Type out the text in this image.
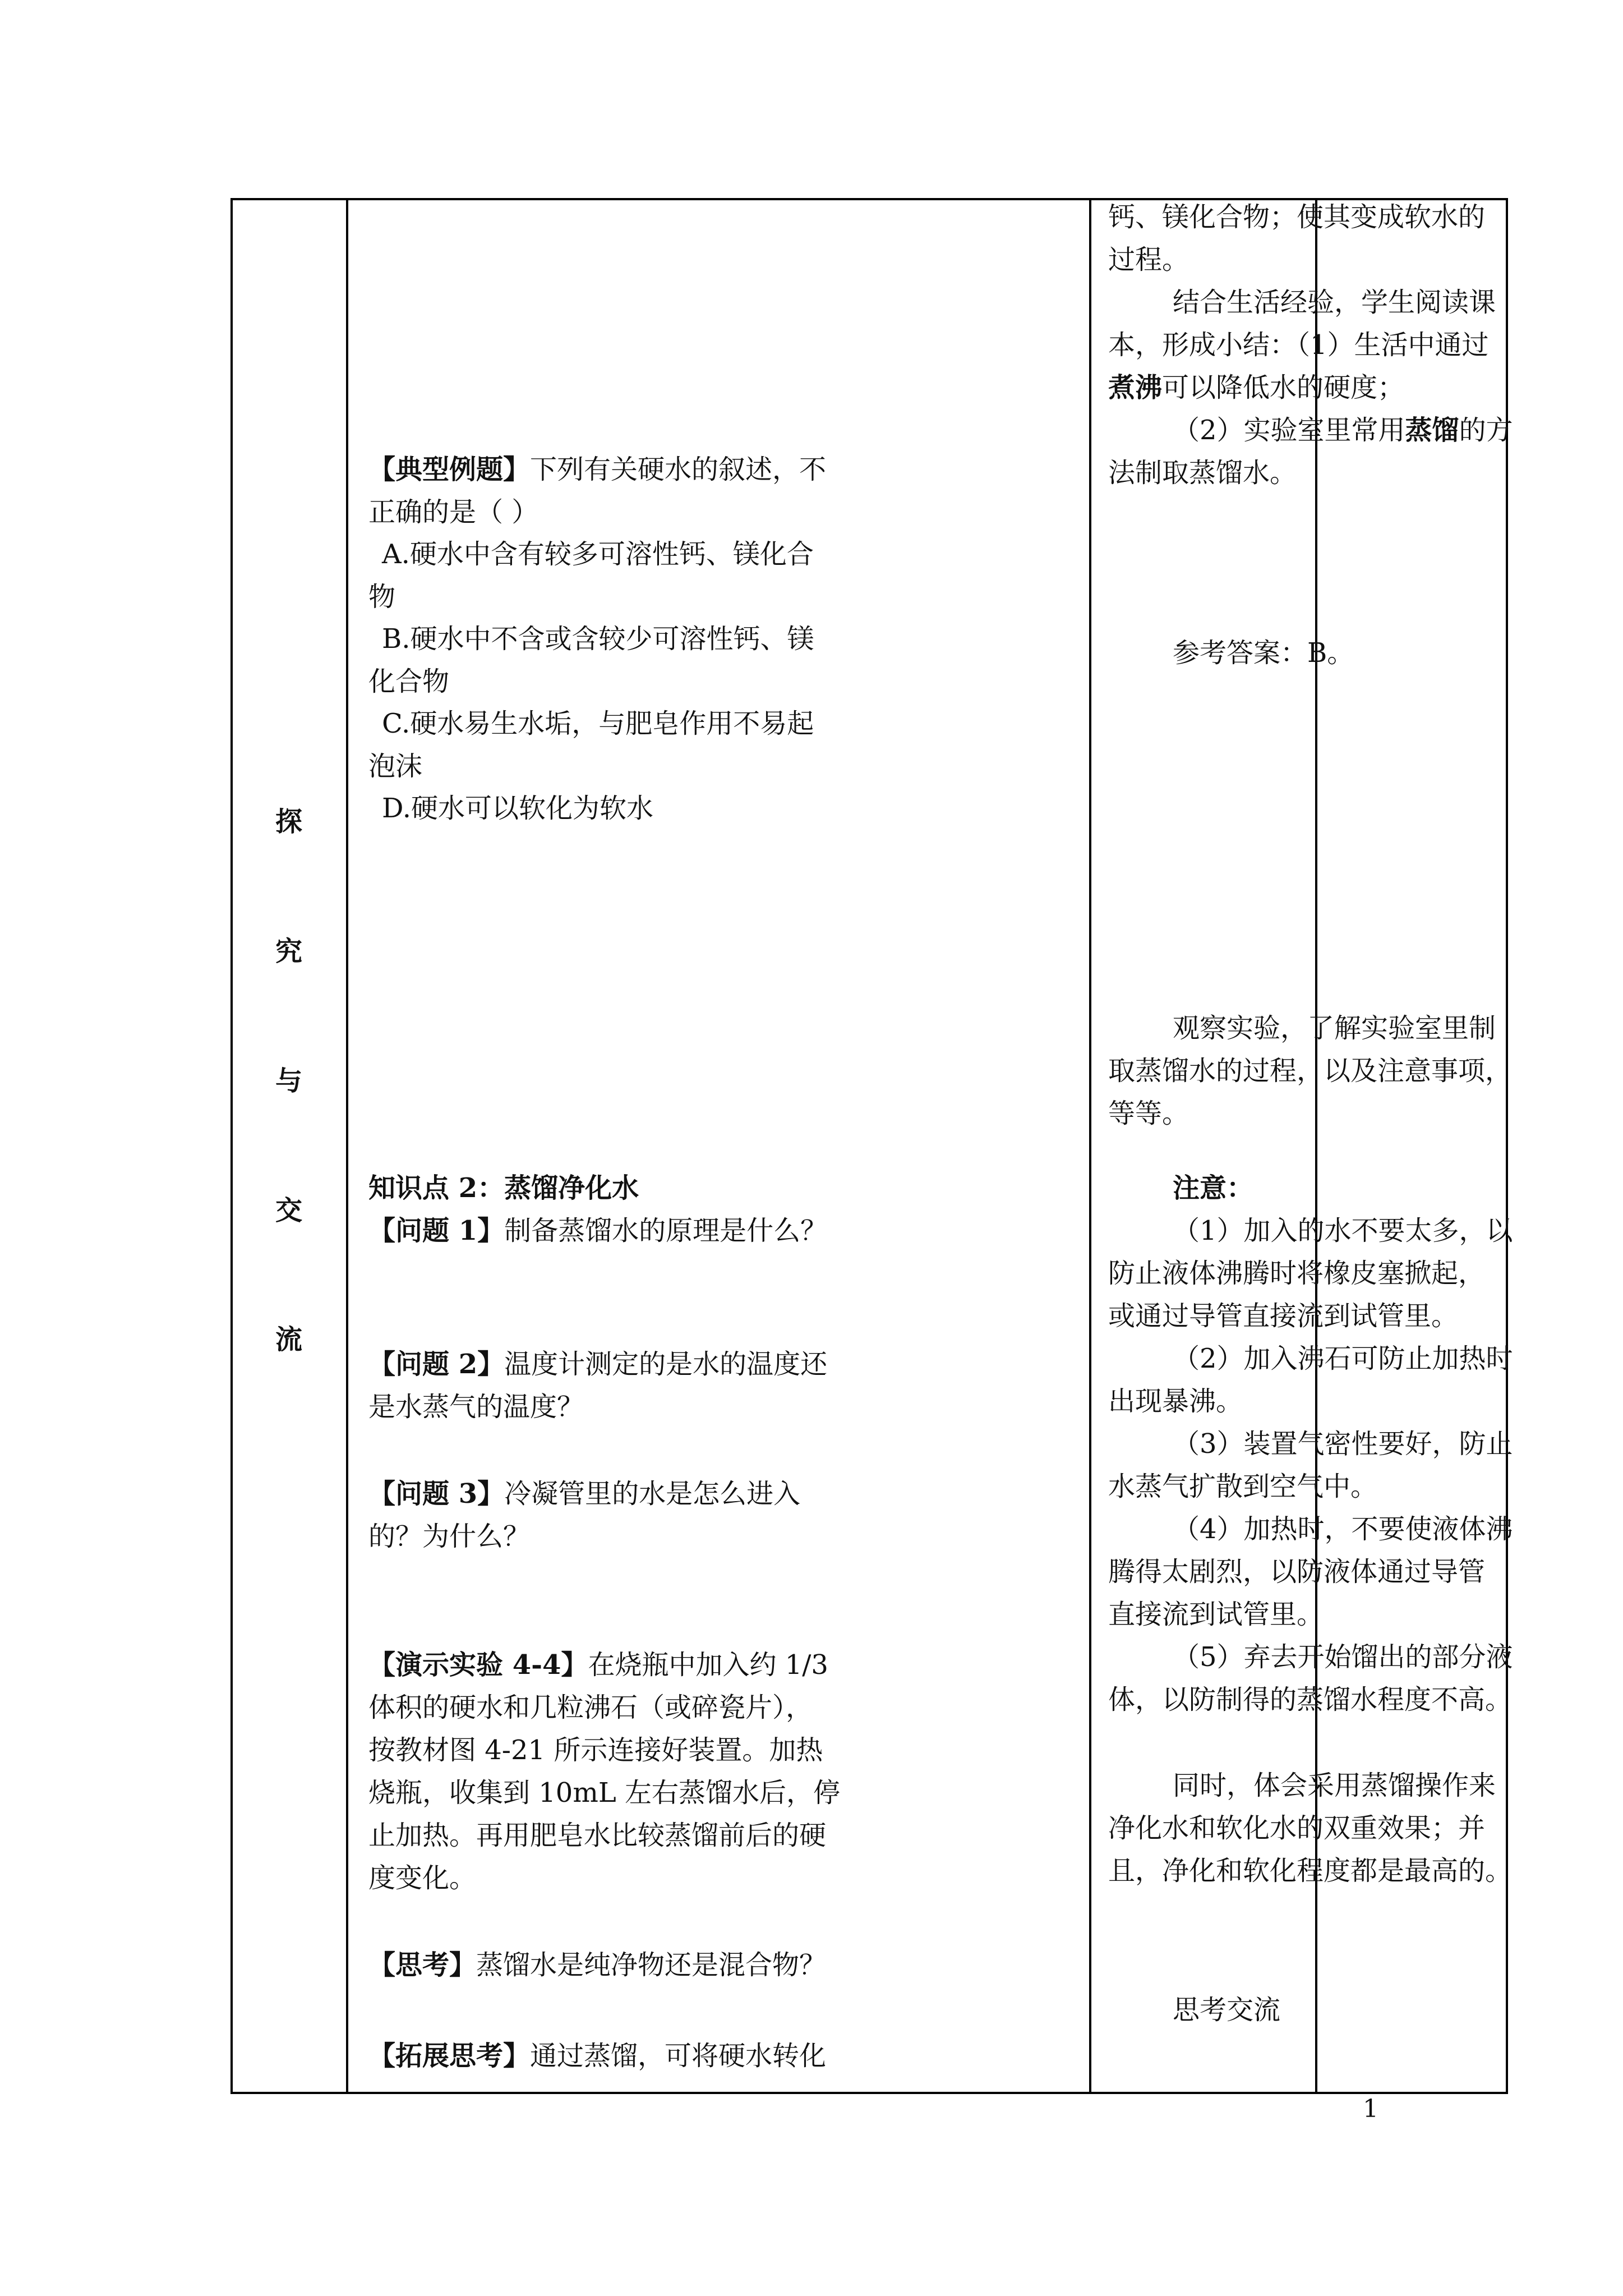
探
究
与
交
流
【典型例题】下列有关硬水的叙述，不
正确的是（ ）
A.硬水中含有较多可溶性钙、镁化合
物
B.硬水中不含或含较少可溶性钙、镁
化合物
C.硬水易生水垢，与肥皂作用不易起
泡沫
D.硬水可以软化为软水
知识点 2：蒸馏净化水
【问题 1】制备蒸馏水的原理是什么？
【问题 2】温度计测定的是水的温度还
是水蒸气的温度？
【问题 3】冷凝管里的水是怎么进入
的？为什么？
【演示实验 4-4】在烧瓶中加入约 1/3
体积的硬水和几粒沸石（或碎瓷片），
按教材图 4-21 所示连接好装置。加热
烧瓶，收集到 10mL 左右蒸馏水后，停
止加热。再用肥皂水比较蒸馏前后的硬
度变化。
【思考】蒸馏水是纯净物还是混合物？
【拓展思考】通过蒸馏，可将硬水转化
钙、镁化合物；使其变成软水的
过程。
结合生活经验，学生阅读课
本，形成小结：（1）生活中通过
煮沸可以降低水的硬度；
（2）实验室里常用蒸馏的方
法制取蒸馏水。
参考答案：B。
观察实验，了解实验室里制
取蒸馏水的过程，以及注意事项，
等等。
注意：
（1）加入的水不要太多，以
防止液体沸腾时将橡皮塞掀起，
或通过导管直接流到试管里。
（2）加入沸石可防止加热时
出现暴沸。
（3）装置气密性要好，防止
水蒸气扩散到空气中。
（4）加热时，不要使液体沸
腾得太剧烈，以防液体通过导管
直接流到试管里。
（5）弃去开始馏出的部分液
体，以防制得的蒸馏水程度不高。
同时，体会采用蒸馏操作来
净化水和软化水的双重效果；并
且，净化和软化程度都是最高的。
思考交流
1
